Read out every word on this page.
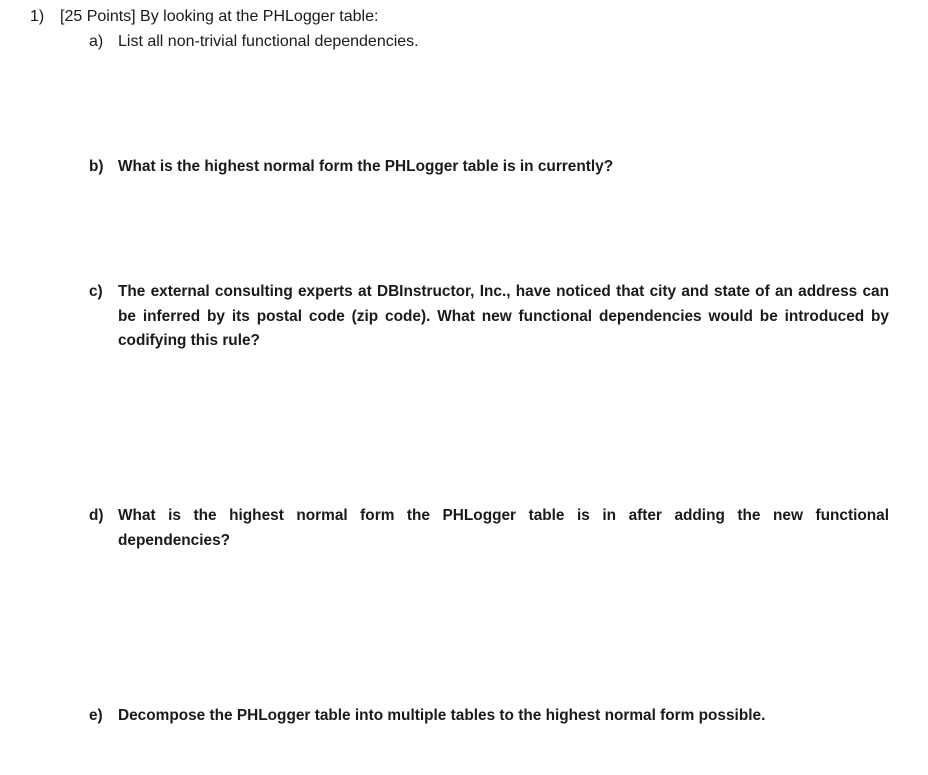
1) [25 Points] By looking at the PHLogger table:
a) List all non-trivial functional dependencies.
b) What is the highest normal form the PHLogger table is in currently?
c) The external consulting experts at DBInstructor, Inc., have noticed that city and state of an address can be inferred by its postal code (zip code). What new functional dependencies would be introduced by codifying this rule?
d) What is the highest normal form the PHLogger table is in after adding the new functional dependencies?
e) Decompose the PHLogger table into multiple tables to the highest normal form possible.
